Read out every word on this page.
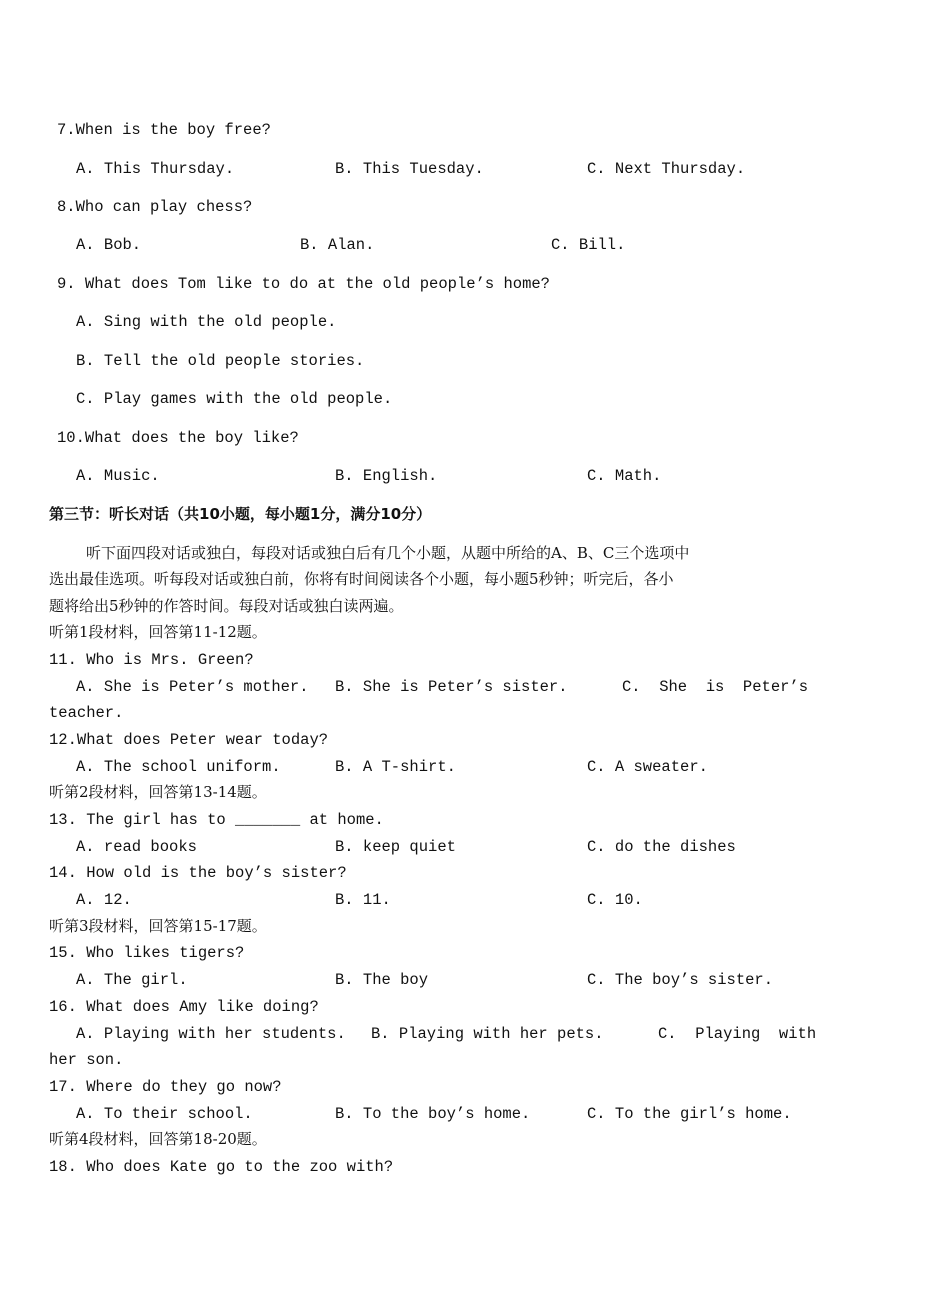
7.When is the boy free?
A. This Thursday.	B. This Tuesday.	C. Next Thursday.
8.Who can play chess?
A. Bob.	B. Alan.	C. Bill.
9. What does Tom like to do at the old people’s home?
A. Sing with the old people.
B. Tell the old people stories.
C. Play games with the old people.
10.What does the boy like?
A. Music.	B. English.	C. Math.
第三节：听长对话（共10小题，每小题1分，满分10分）
听下面四段对话或独白，每段对话或独白后有几个小题，从题中所给的A、B、C三个选项中
选出最佳选项。听每段对话或独白前，你将有时间阅读各个小题，每小题5秒钟；听完后，各小
题将给出5秒钟的作答时间。每段对话或独白读两遍。
听第1段材料，回答第11-12题。
11. Who is Mrs. Green?
A. She is Peter’s mother. B. She is Peter’s sister.	C.  She  is  Peter’s
teacher.
12.What does Peter wear today?
A. The school uniform.	B. A T-shirt.	C. A sweater.
听第2段材料，回答第13-14题。
13. The girl has to _______ at home.
A. read books	B. keep quiet	C. do the dishes
14. How old is the boy’s sister?
A. 12.	B. 11.	C. 10.
听第3段材料，回答第15-17题。
15. Who likes tigers?
A. The girl.	B. The boy	C. The boy’s sister.
16. What does Amy like doing?
A. Playing with her students. B. Playing with her pets.	C.  Playing  with
her son.
17. Where do they go now?
A. To their school.	B. To the boy’s home.	C. To the girl’s home.
听第4段材料，回答第18-20题。
18. Who does Kate go to the zoo with?
